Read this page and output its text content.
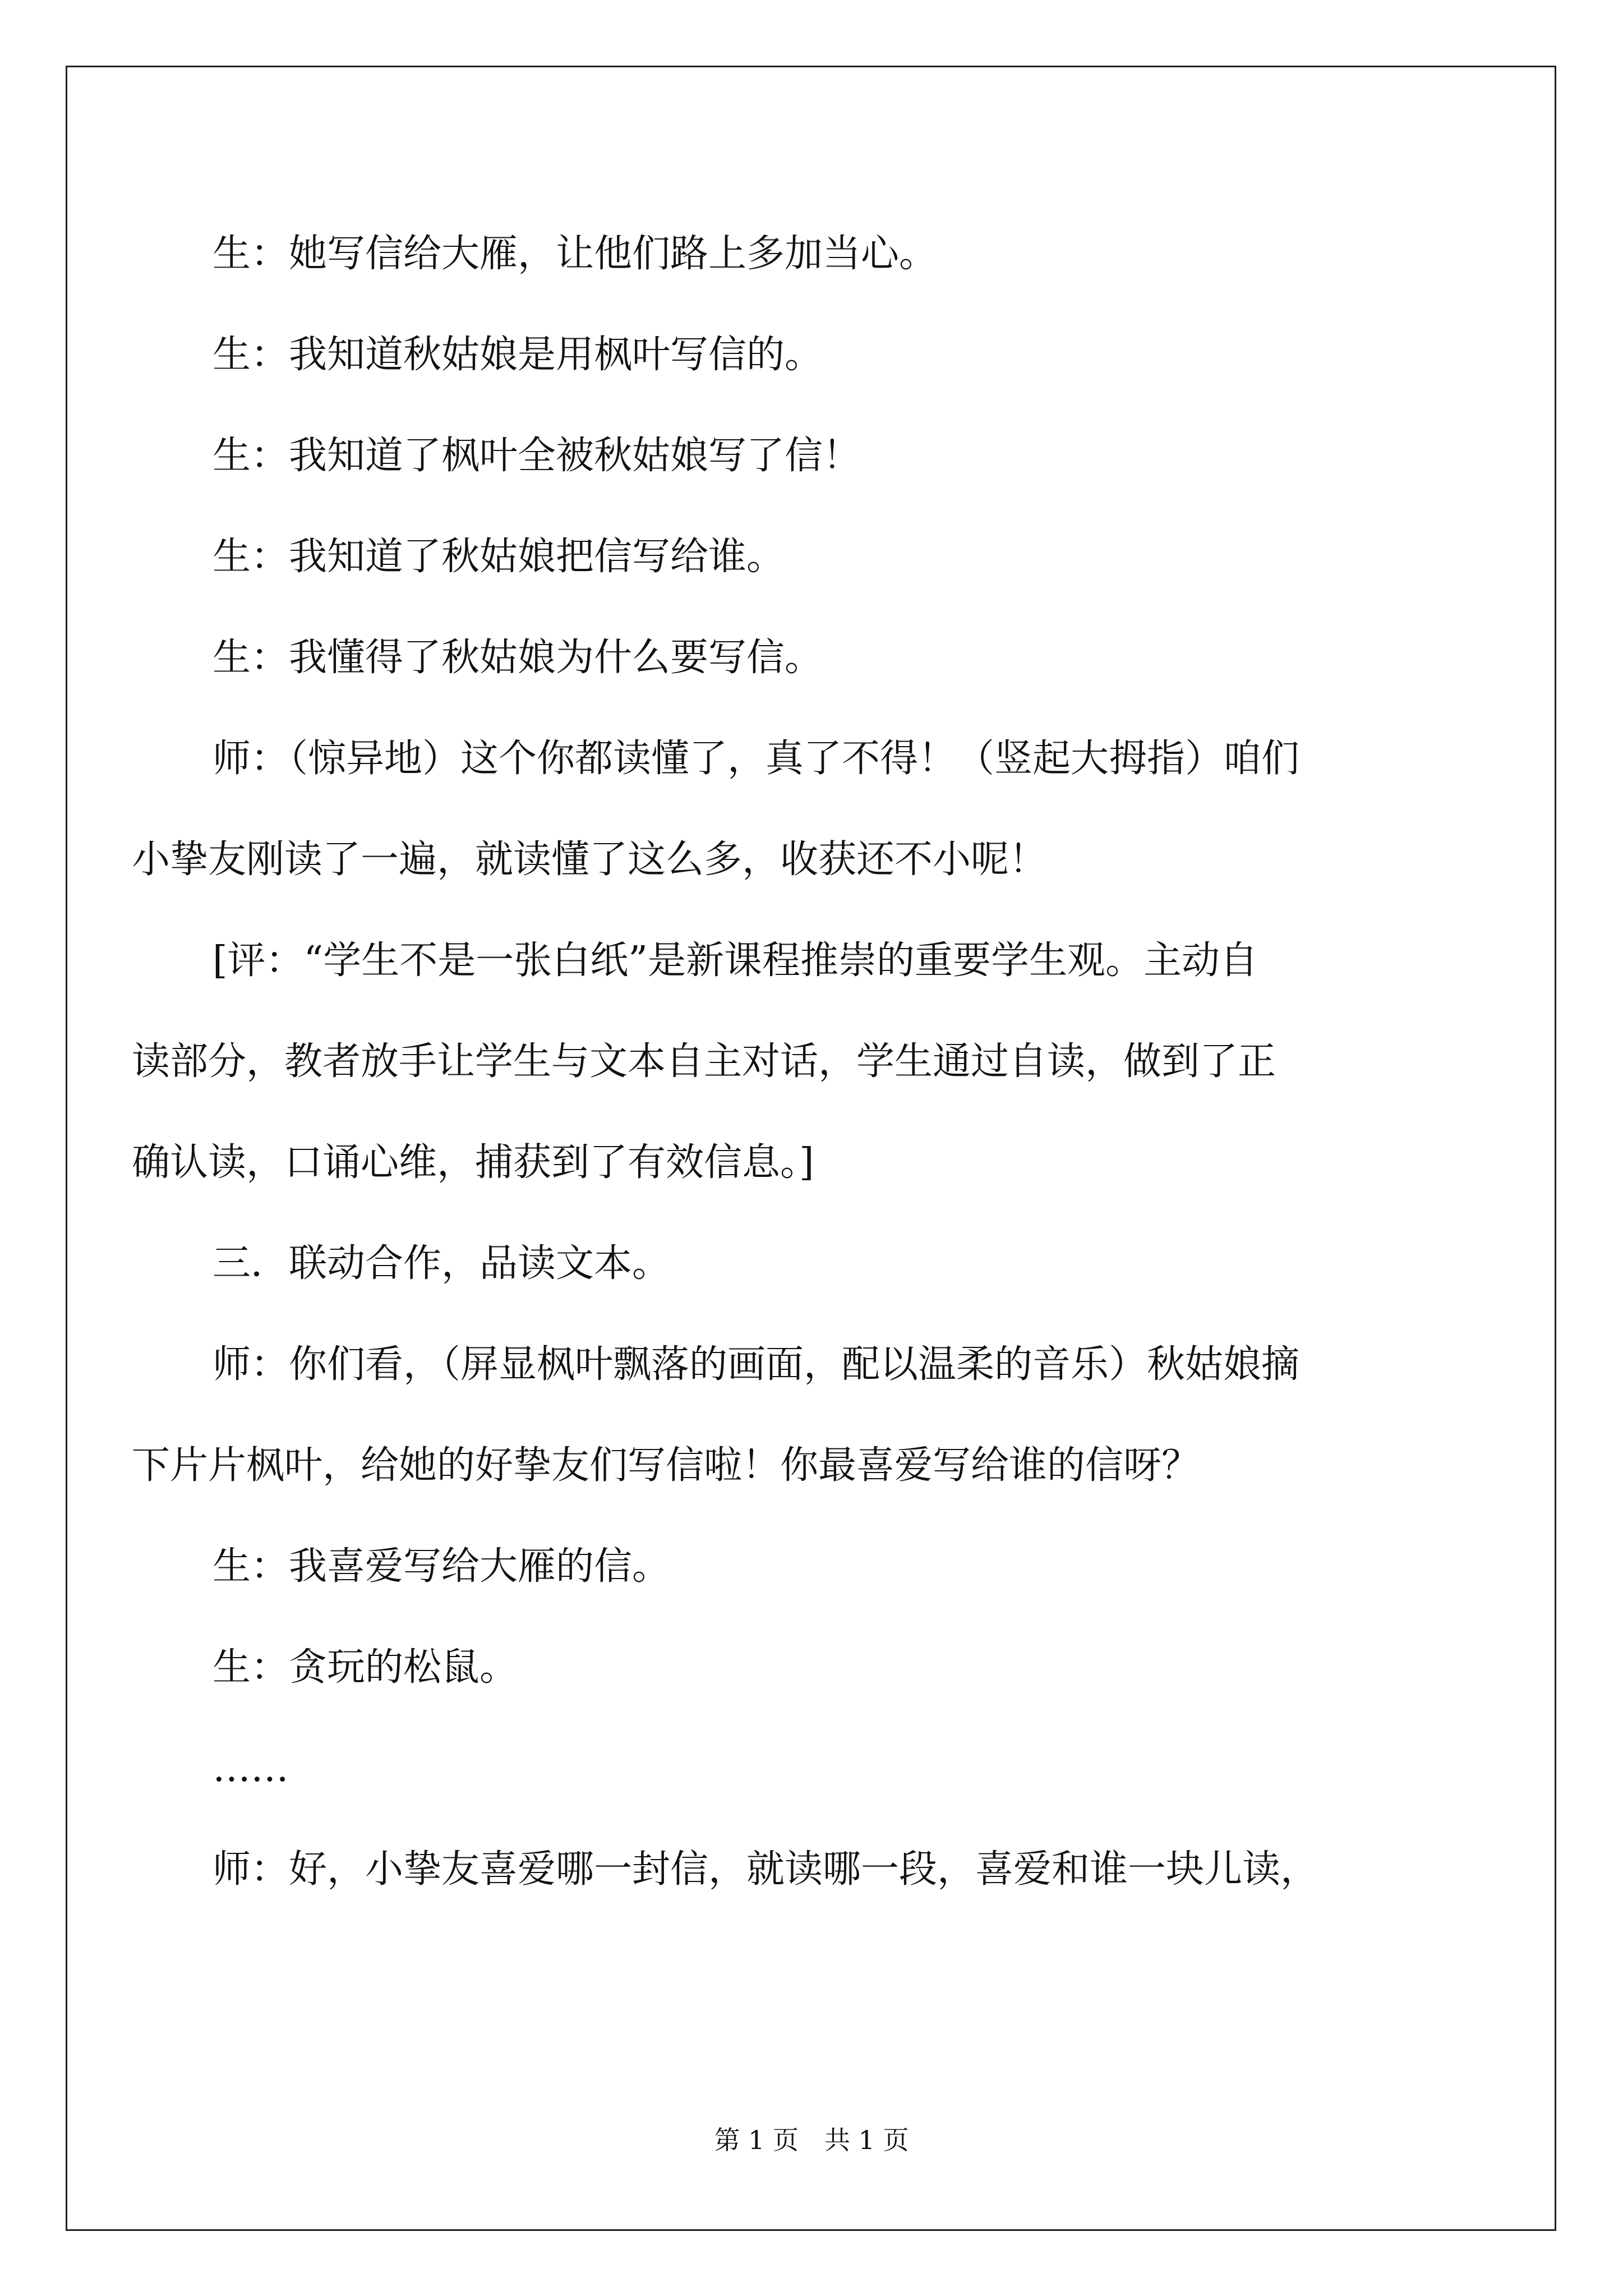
生：她写信给大雁，让他们路上多加当心。
生：我知道秋姑娘是用枫叶写信的。
生：我知道了枫叶全被秋姑娘写了信！
生：我知道了秋姑娘把信写给谁。
生：我懂得了秋姑娘为什么要写信。
师：（惊异地）这个你都读懂了，真了不得！（竖起大拇指）咱们
小挚友刚读了一遍，就读懂了这么多，收获还不小呢！
[评：“学生不是一张白纸”是新课程推崇的重要学生观。主动自
读部分，教者放手让学生与文本自主对话，学生通过自读，做到了正
确认读，口诵心维，捕获到了有效信息。]
三．联动合作，品读文本。
师：你们看，（屏显枫叶飘落的画面，配以温柔的音乐）秋姑娘摘
下片片枫叶，给她的好挚友们写信啦！你最喜爱写给谁的信呀？
生：我喜爱写给大雁的信。
生：贪玩的松鼠。
……
师：好，小挚友喜爱哪一封信，就读哪一段，喜爱和谁一块儿读，
第 1 页　共 1 页
